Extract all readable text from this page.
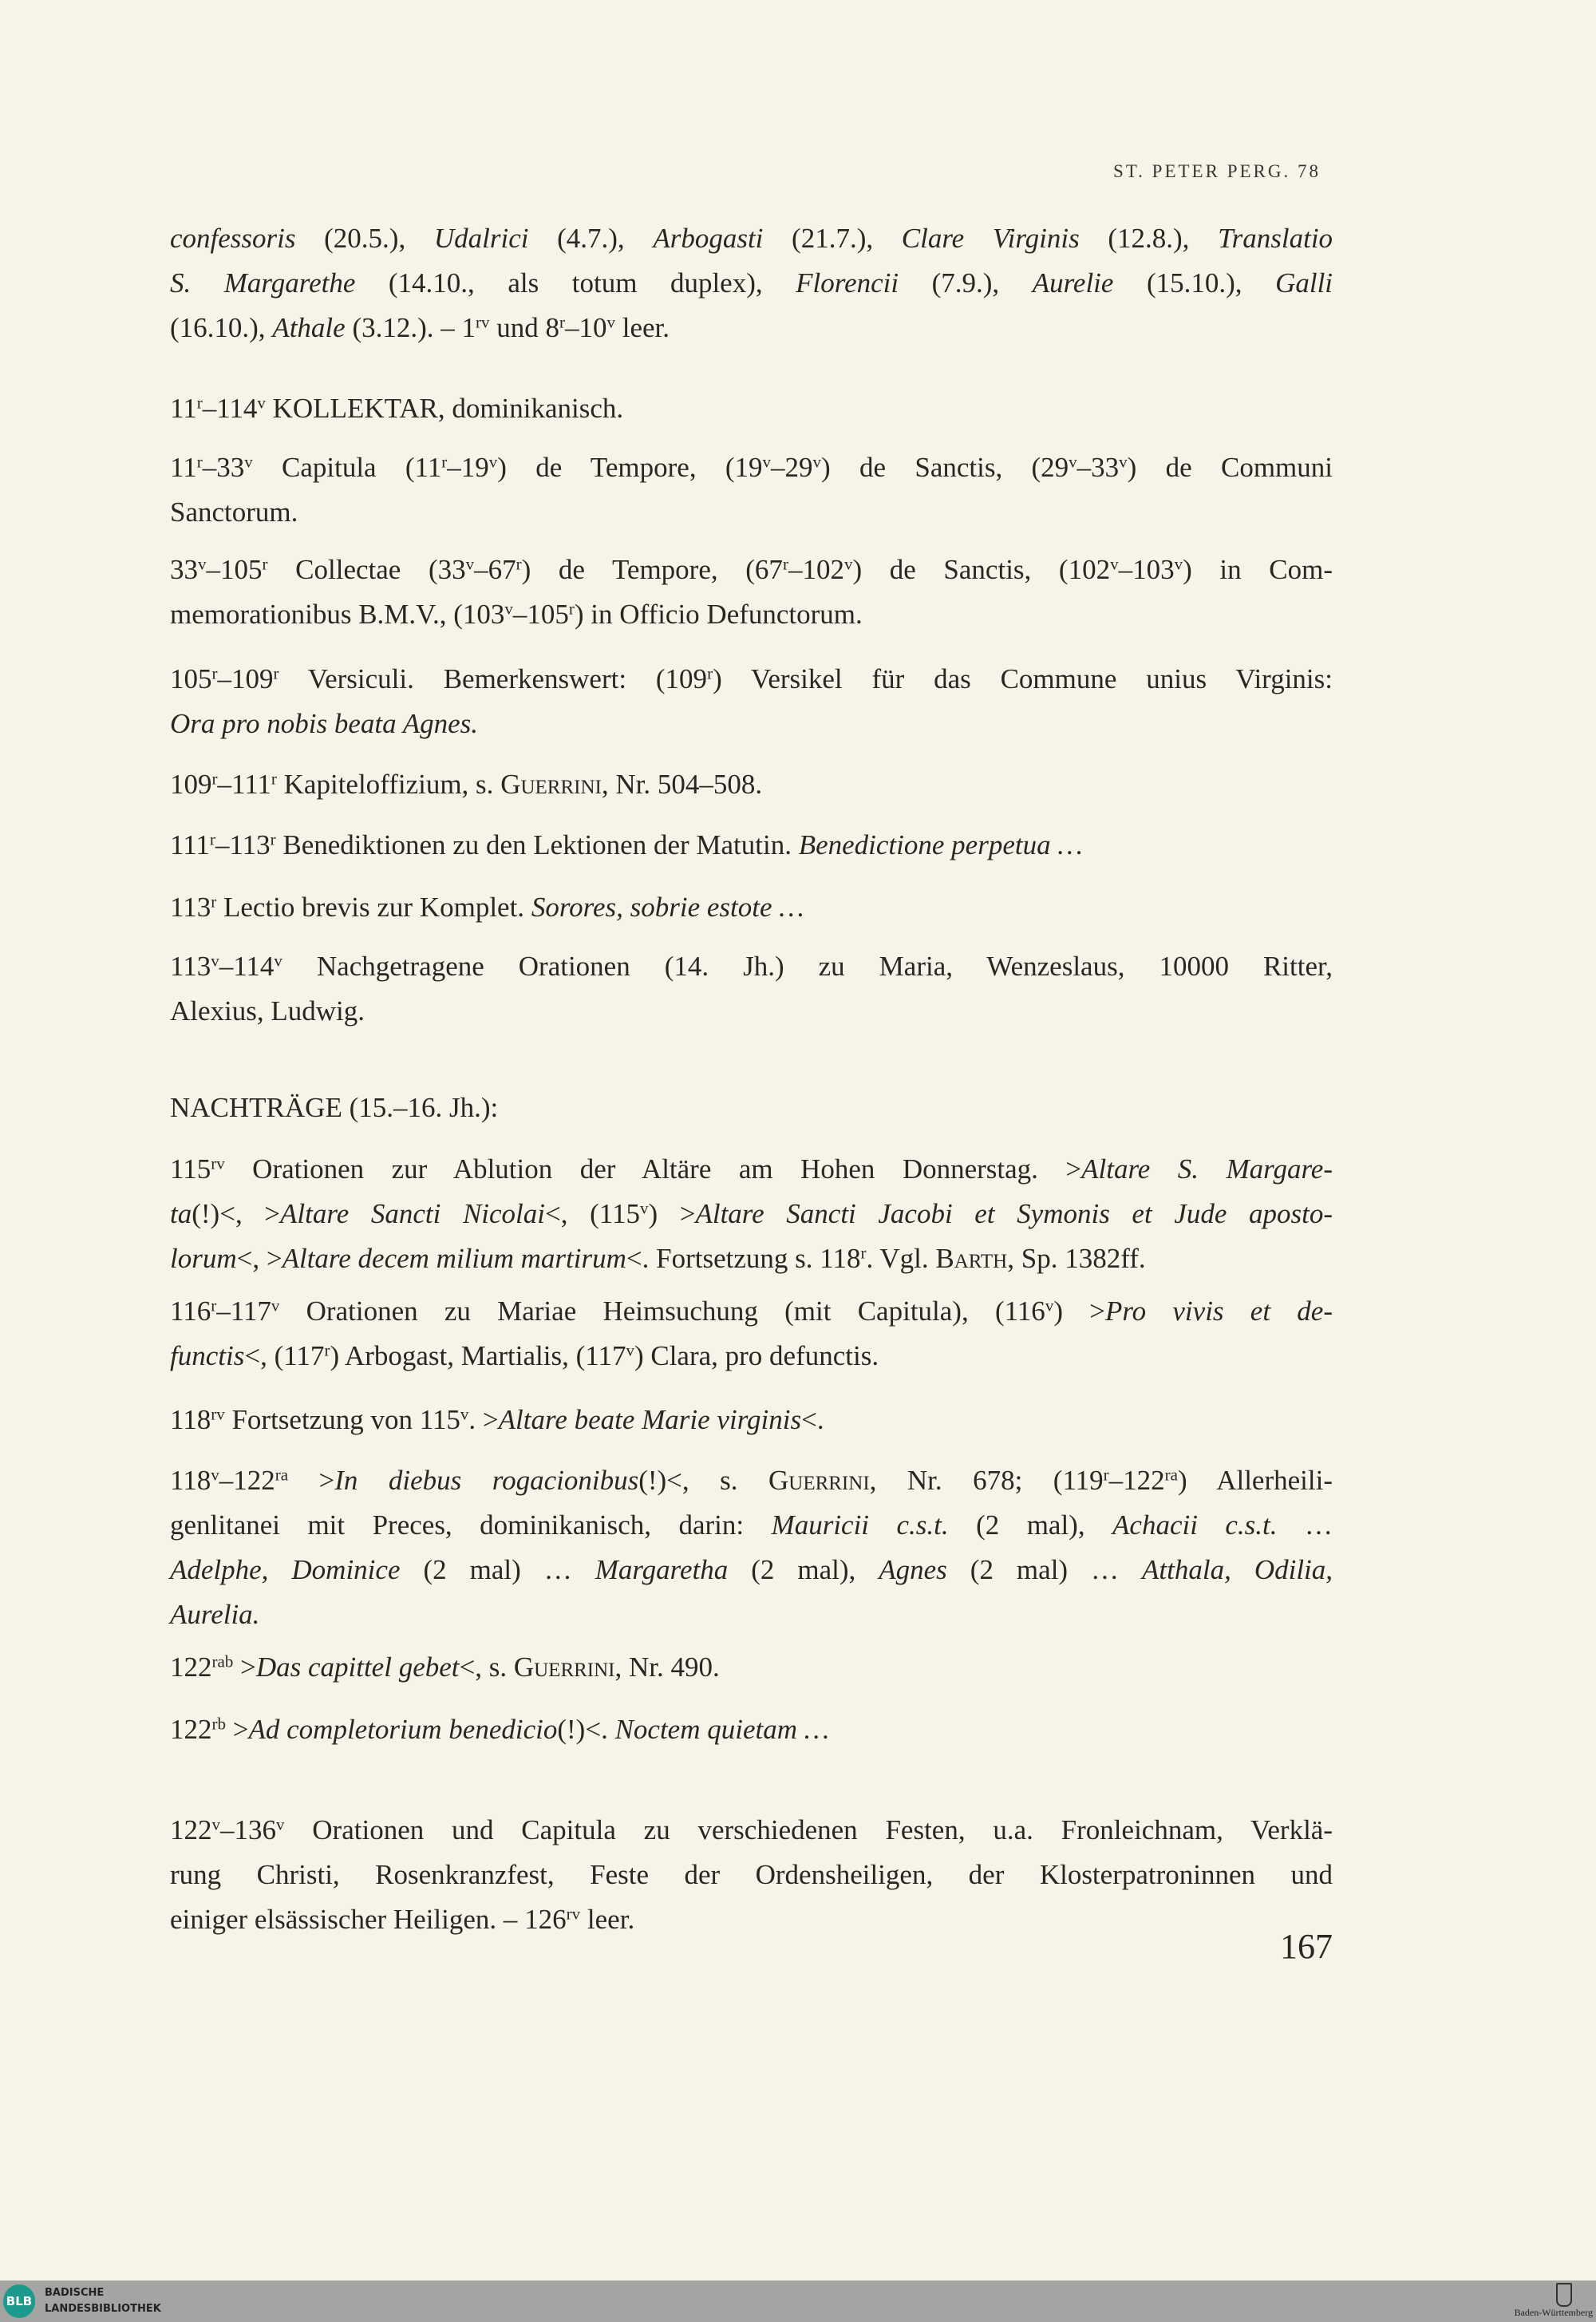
ST. PETER PERG. 78
confessoris (20.5.), Udalrici (4.7.), Arbogasti (21.7.), Clare Virginis (12.8.), Translatio
S. Margarethe (14.10., als totum duplex), Florencii (7.9.), Aurelie (15.10.), Galli
(16.10.), Athale (3.12.). – $1^{rv}$ und 8$^r$–10$^v$ leer.
11$^r$–114$^v$ KOLLEKTAR, dominikanisch.
11$^r$–33$^v$ Capitula (11$^r$–19$^v$) de Tempore, (19$^v$–29$^v$) de Sanctis, (29$^v$–33$^v$) de Communi
Sanctorum.
33$^v$–105$^r$ Collectae (33$^v$–67$^r$) de Tempore, (67$^r$–102$^v$) de Sanctis, (102$^v$–103$^v$) in Com-
memorationibus B.M.V., (103$^v$–105$^r$) in Officio Defunctorum.
105$^r$–109$^r$ Versiculi. Bemerkenswert: (109$^r$) Versikel für das Commune unius Virginis:
Ora pro nobis beata Agnes.
109$^r$–111$^r$ Kapiteloffizium, s. Guerrini, Nr. 504–508.
111$^r$–113$^r$ Benediktionen zu den Lektionen der Matutin. Benedictione perpetua …
113$^r$ Lectio brevis zur Komplet. Sorores, sobrie estote …
113$^v$–114$^v$ Nachgetragene Orationen (14. Jh.) zu Maria, Wenzeslaus, 10000 Ritter,
Alexius, Ludwig.
NACHTRÄGE (15.–16. Jh.):
$115^{rv}$ Orationen zur Ablution der Altäre am Hohen Donnerstag. >Altare S. Margare-
ta(!)<, >Altare Sancti Nicolai<, $(115^v)$ >Altare Sancti Jacobi et Symonis et Jude aposto-
lorum<, >Altare decem milium martirum<. Fortsetzung s. 118$^r$. Vgl. Barth, Sp. 1382ff.
116$^r$–117$^v$ Orationen zu Mariae Heimsuchung (mit Capitula), $(116^v) >Pro$ vivis et de-
functis<, (117$^r$) Arbogast, Martialis, (117$^v$) Clara, pro defunctis.
$118^{rv}$ Fortsetzung von $115^v$. >Altare beate Marie virginis<.
$118^v-122^{ra} >In$ diebus rogacionibus(!)<, s. Guerrini, Nr. 678; $(119^r-122^{ra})$ Allerheili-
genlitanei mit Preces, dominikanisch, darin: Mauricii c.s.t. (2 mal), Achacii c.s.t. …
Adelphe, Dominice (2 mal) … Margaretha (2 mal), Agnes (2 mal) … Atthala, Odilia,
Aurelia.
$122^{rab} >Das$ capittel gebet<, s. Guerrini, Nr. 490.
$122^{rb} >Ad$ completorium benedicio(!)<. Noctem quietam …
122$^v$–136$^v$ Orationen und Capitula zu verschiedenen Festen, u.a. Fronleichnam, Verklä-
rung Christi, Rosenkranzfest, Feste der Ordensheiligen, der Klosterpatroninnen und
einiger elsässischer Heiligen. – $126^{rv}$ leer.
167
BLB
BADISCHE
LANDESBIBLIOTHEK	Baden-Württemberg
